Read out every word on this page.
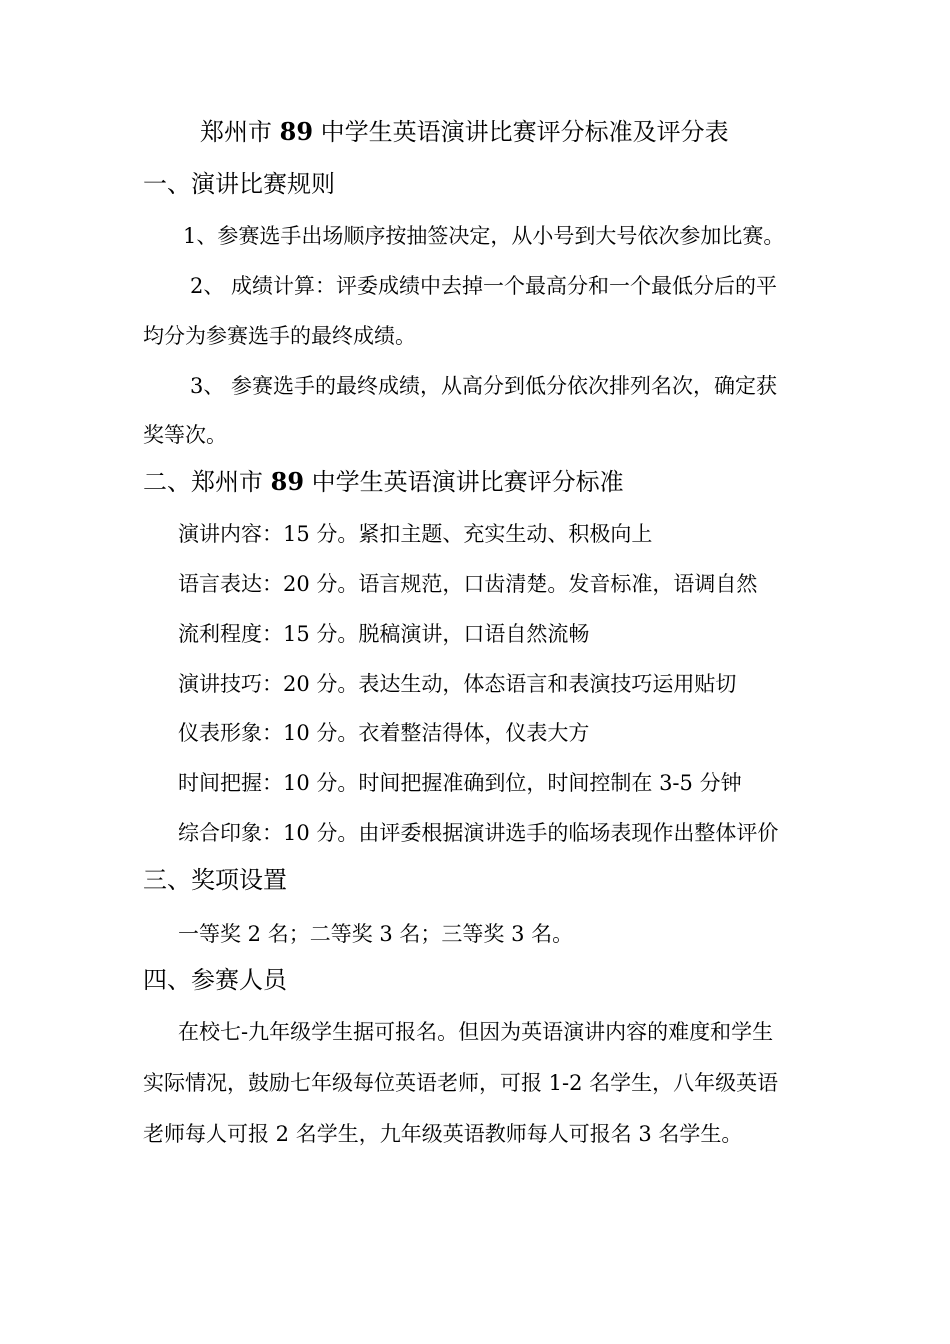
郑州市 89 中学生英语演讲比赛评分标准及评分表
一、演讲比赛规则
1、参赛选手出场顺序按抽签决定，从小号到大号依次参加比赛。
2、 成绩计算：评委成绩中去掉一个最高分和一个最低分后的平
均分为参赛选手的最终成绩。
3、 参赛选手的最终成绩，从高分到低分依次排列名次，确定获
奖等次。
二、郑州市 89 中学生英语演讲比赛评分标准
演讲内容：15 分。紧扣主题、充实生动、积极向上
语言表达：20 分。语言规范，口齿清楚。发音标准，语调自然
流利程度：15 分。脱稿演讲，口语自然流畅
演讲技巧：20 分。表达生动，体态语言和表演技巧运用贴切
仪表形象：10 分。衣着整洁得体，仪表大方
时间把握：10 分。时间把握准确到位，时间控制在 3-5 分钟
综合印象：10 分。由评委根据演讲选手的临场表现作出整体评价
三、奖项设置
一等奖 2 名；二等奖 3 名；三等奖 3 名。
四、参赛人员
在校七-九年级学生据可报名。但因为英语演讲内容的难度和学生
实际情况，鼓励七年级每位英语老师，可报 1-2 名学生，八年级英语
老师每人可报 2 名学生，九年级英语教师每人可报名 3 名学生。
